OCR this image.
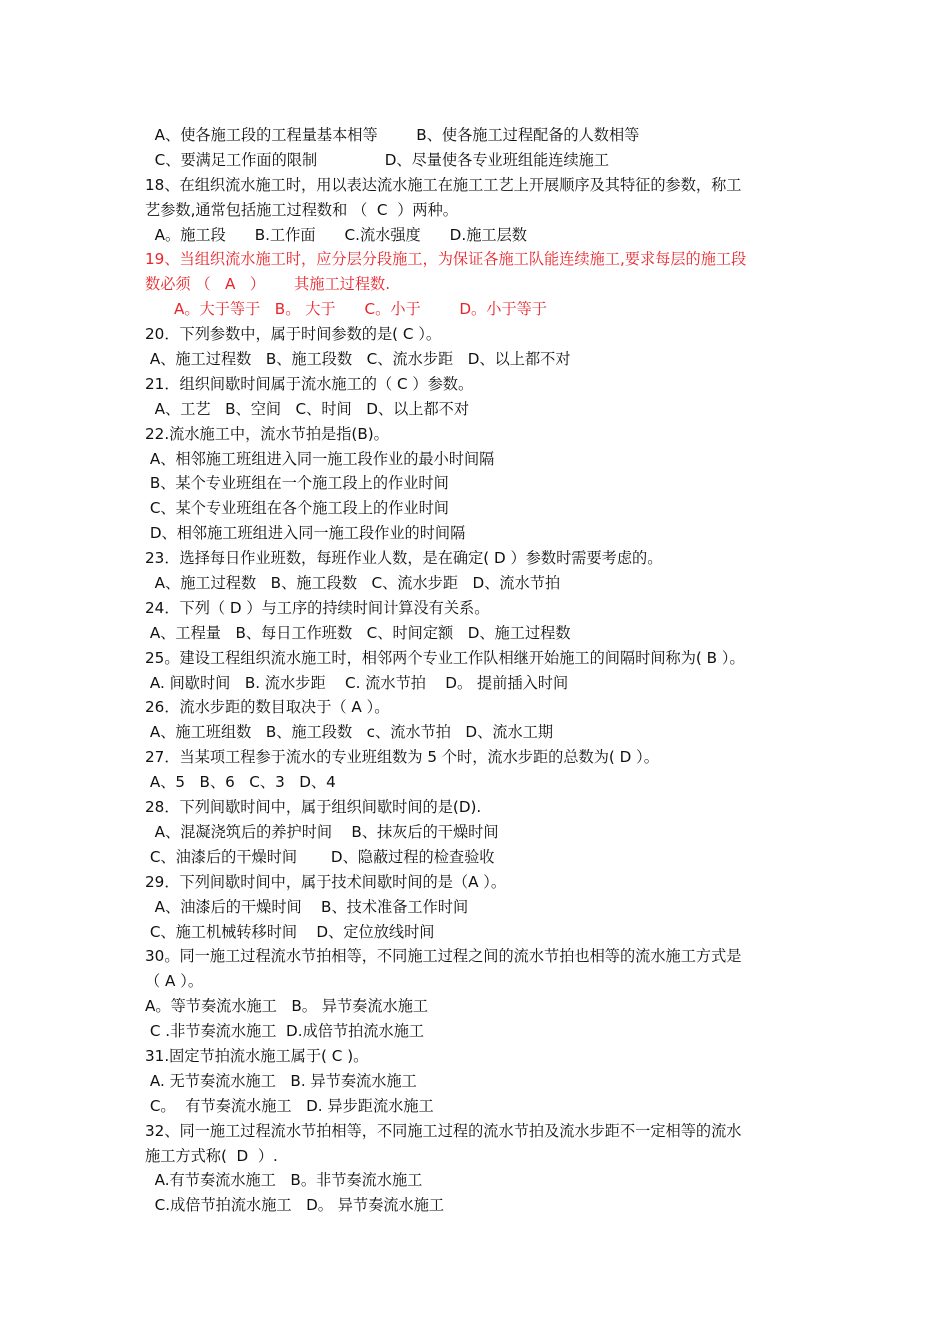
A、使各施工段的工程量基本相等        B、使各施工过程配备的人数相等
C、要满足工作面的限制              D、尽量使各专业班组能连续施工
18、在组织流水施工时，用以表达流水施工在施工工艺上开展顺序及其特征的参数，称工
艺参数,通常包括施工过程数和 （  C  ）两种。
A。施工段      B.工作面      C.流水强度      D.施工层数
19、当组织流水施工时，应分层分段施工，为保证各施工队能连续施工,要求每层的施工段
数必须 （   A   ）      其施工过程数.
A。大于等于   B。 大于      C。小于        D。小于等于
20．下列参数中，属于时间参数的是( C ）。
A、施工过程数   B、施工段数   C、流水步距   D、以上都不对
21．组织间歇时间属于流水施工的（ C ）参数。
A、工艺   B、空间   C、时间   D、以上都不对
22.流水施工中，流水节拍是指(B)。
A、相邻施工班组进入同一施工段作业的最小时间隔
B、某个专业班组在一个施工段上的作业时间
C、某个专业班组在各个施工段上的作业时间
D、相邻施工班组进入同一施工段作业的时间隔
23．选择每日作业班数，每班作业人数，是在确定( D ）参数时需要考虑的。
A、施工过程数   B、施工段数   C、流水步距   D、流水节拍
24．下列（ D ）与工序的持续时间计算没有关系。
A、工程量   B、每日工作班数   C、时间定额   D、施工过程数
25。建设工程组织流水施工时，相邻两个专业工作队相继开始施工的间隔时间称为( B ）。
A. 间歇时间   B. 流水步距    C. 流水节拍    D。 提前插入时间
26．流水步距的数目取决于（ A ）。
A、施工班组数   B、施工段数   c、流水节拍   D、流水工期
27．当某项工程参于流水的专业班组数为 5 个时，流水步距的总数为( D ）。
A、5   B、6   C、3   D、4
28．下列间歇时间中，属于组织间歇时间的是(D).
A、混凝浇筑后的养护时间    B、抹灰后的干燥时间
C、油漆后的干燥时间       D、隐蔽过程的检查验收
29．下列间歇时间中，属于技术间歇时间的是（A ）。
A、油漆后的干燥时间    B、技术准备工作时间
C、施工机械转移时间    D、定位放线时间
30。同一施工过程流水节拍相等，不同施工过程之间的流水节拍也相等的流水施工方式是
（ A ）。
A。等节奏流水施工   B。 异节奏流水施工
C .非节奏流水施工  D.成倍节拍流水施工
31.固定节拍流水施工属于( C )。
A. 无节奏流水施工   B. 异节奏流水施工
C。  有节奏流水施工   D. 异步距流水施工
32、同一施工过程流水节拍相等，不同施工过程的流水节拍及流水步距不一定相等的流水
施工方式称(  D  ）.
A.有节奏流水施工   B。非节奏流水施工
C.成倍节拍流水施工   D。 异节奏流水施工
